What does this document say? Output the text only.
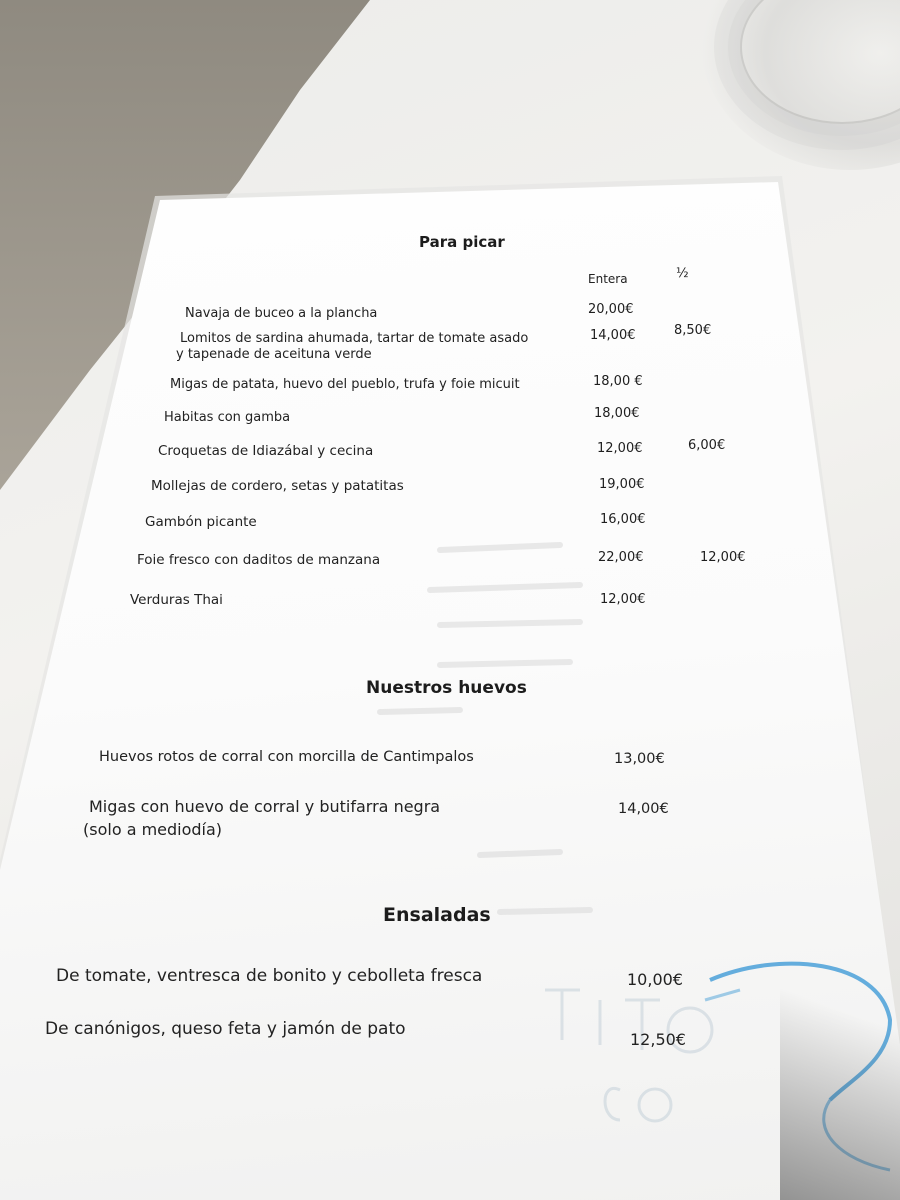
Para picar
Entera	½
Navaja de buceo a la plancha	20,00€
Lomitos de sardina ahumada, tartar de tomate asado
y tapenade de aceituna verde
14,00€	8,50€
Migas de patata, huevo del pueblo, trufa y foie micuit	18,00 €
Habitas con gamba	18,00€
Croquetas de Idiazábal y cecina	12,00€	6,00€
Mollejas de cordero, setas y patatitas	19,00€
Gambón picante	16,00€
Foie fresco con daditos de manzana	22,00€	12,00€
Verduras Thai	12,00€
Nuestros huevos
Huevos rotos de corral con morcilla de Cantimpalos	13,00€
Migas con huevo de corral y butifarra negra
(solo a mediodía)
14,00€
Ensaladas
De tomate, ventresca de bonito y cebolleta fresca	10,00€
De canónigos, queso feta y jamón de pato
12,50€
